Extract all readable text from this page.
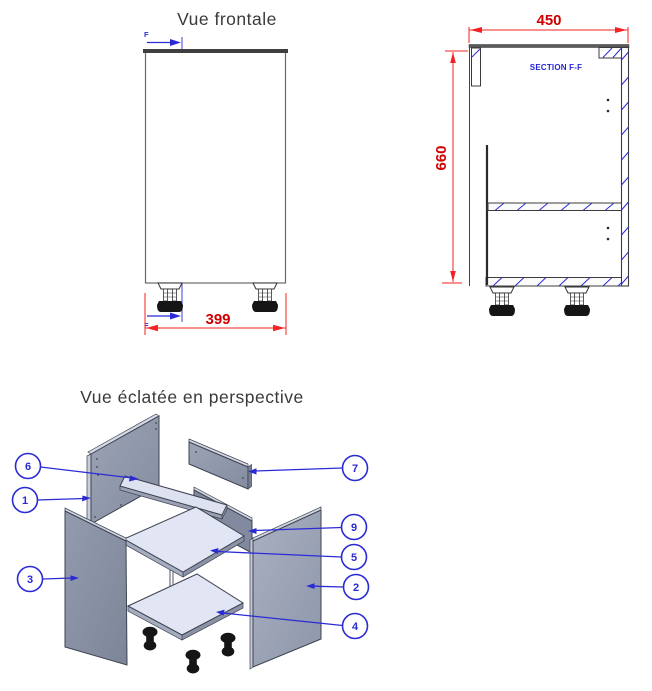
Vue frontale
F
F	399
450
660
SECTION F-F
Vue éclatée en perspective
6
1
3
7
9
5
2
4
